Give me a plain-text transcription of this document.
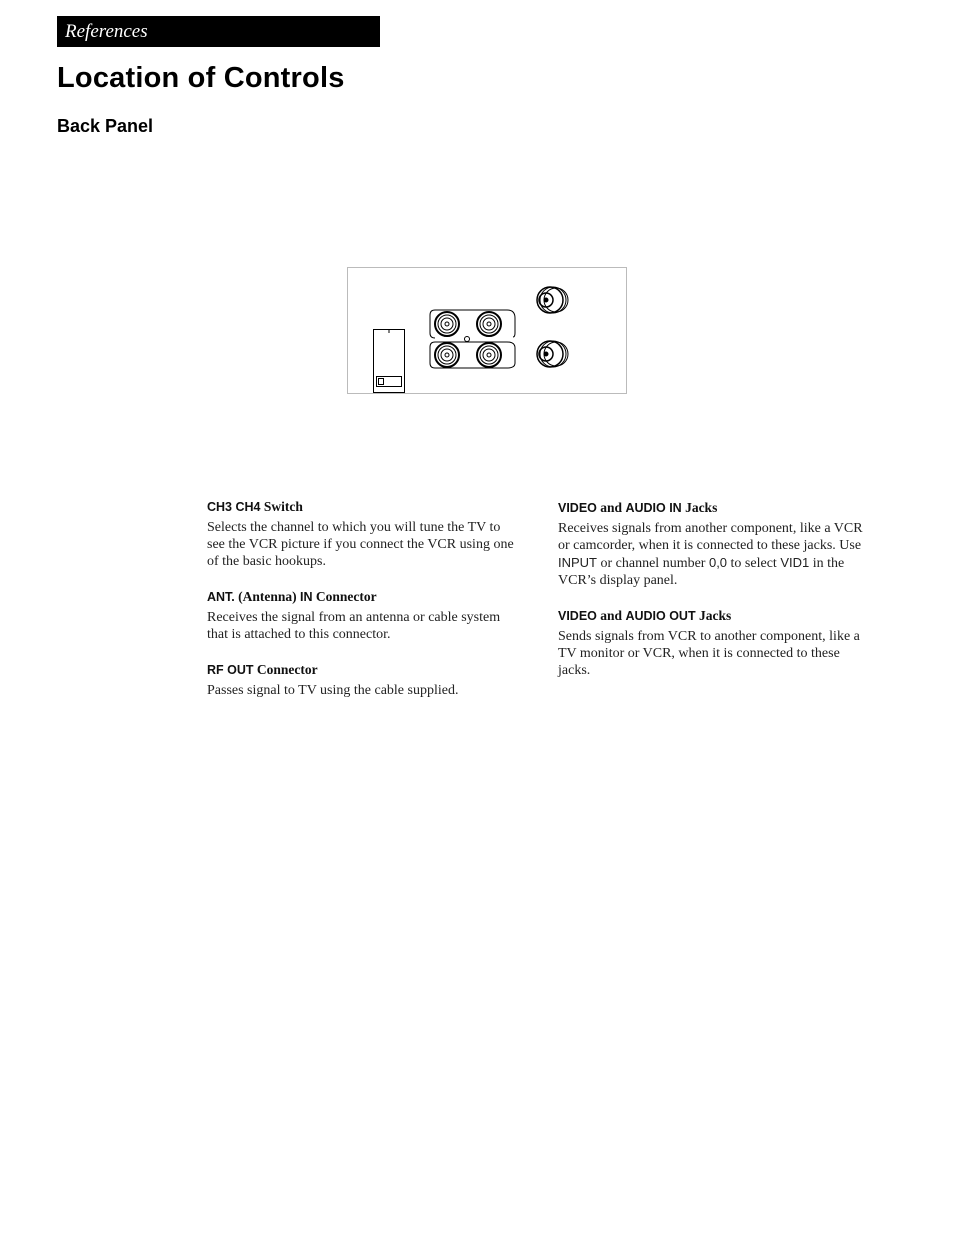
References
Location of Controls
Back Panel

CH3 CH4 Switch

Selects the channel to which you will tune the TV to see the VCR picture if you connect the VCR using one of the basic hookups.

ANT. (Antenna) IN Connector

Receives the signal from an antenna or cable system that is attached to this connector.

RF OUT Connector

Passes signal to TV using the cable supplied.

VIDEO and AUDIO IN Jacks

Receives signals from another component, like a VCR or camcorder, when it is connected to these jacks. Use INPUT or channel number 0,0 to select VID1 in the VCR’s display panel.

VIDEO and AUDIO OUT Jacks

Sends signals from VCR to another component, like a TV monitor or VCR, when it is connected to these jacks.
